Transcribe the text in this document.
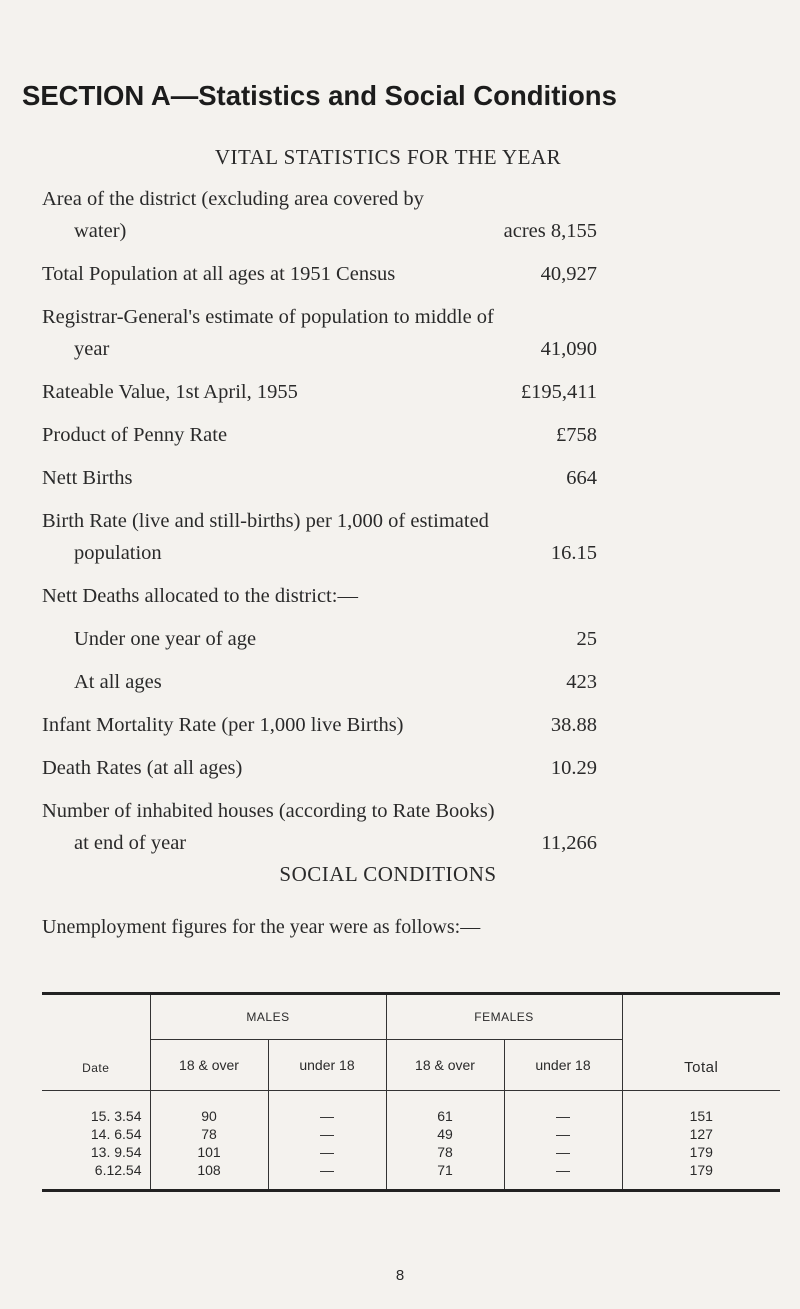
SECTION A—Statistics and Social Conditions
VITAL STATISTICS FOR THE YEAR
Area of the district (excluding area covered by
water)	acres 8,155
Total Population at all ages at 1951 Census	40,927
Registrar-General's estimate of population to middle of
year	41,090
Rateable Value, 1st April, 1955	£195,411
Product of Penny Rate	£758
Nett Births	664
Birth Rate (live and still-births) per 1,000 of estimated
population	16.15
Nett Deaths allocated to the district:—
Under one year of age	25
At all ages	423
Infant Mortality Rate (per 1,000 live Births)	38.88
Death Rates (at all ages)	10.29
Number of inhabited houses (according to Rate Books)
at end of year	11,266
SOCIAL CONDITIONS
Unemployment figures for the year were as follows:—
Date	MALES		FEMALES		Total
	18 & over	under 18	18 & over	under 18	
15. 3.54	90	—	61	—	151
14. 6.54	78	—	49	—	127
13. 9.54	101	—	78	—	179
6.12.54	108	—	71	—	179

8
